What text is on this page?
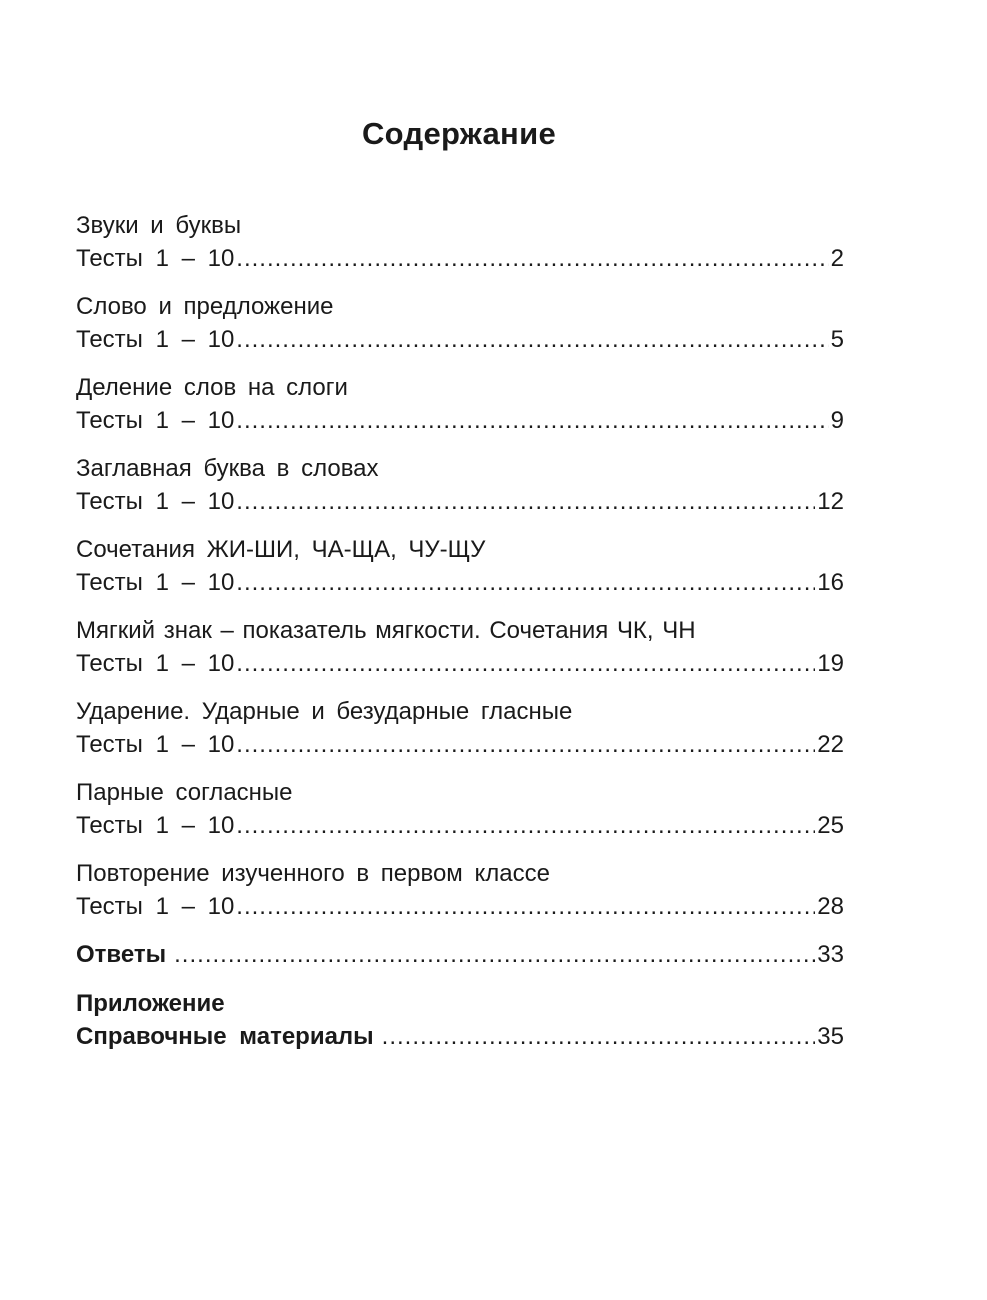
Содержание
Звуки и буквы
Тесты 1 – 10 .....	2
Слово и предложение
Тесты 1 – 10 .....	5
Деление слов на слоги
Тесты 1 – 10 .....	9
Заглавная буква в словах
Тесты 1 – 10 .....	12
Сочетания ЖИ-ШИ, ЧА-ЩА, ЧУ-ЩУ
Тесты 1 – 10 .....	16
Мягкий знак – показатель мягкости. Сочетания ЧК, ЧН
Тесты 1 – 10 .....	19
Ударение. Ударные и безударные гласные
Тесты 1 – 10 .....	22
Парные согласные
Тесты 1 – 10 .....	25
Повторение изученного в первом классе
Тесты 1 – 10 .....	28
Ответы .....	33
Приложение
Справочные материалы .....	35
